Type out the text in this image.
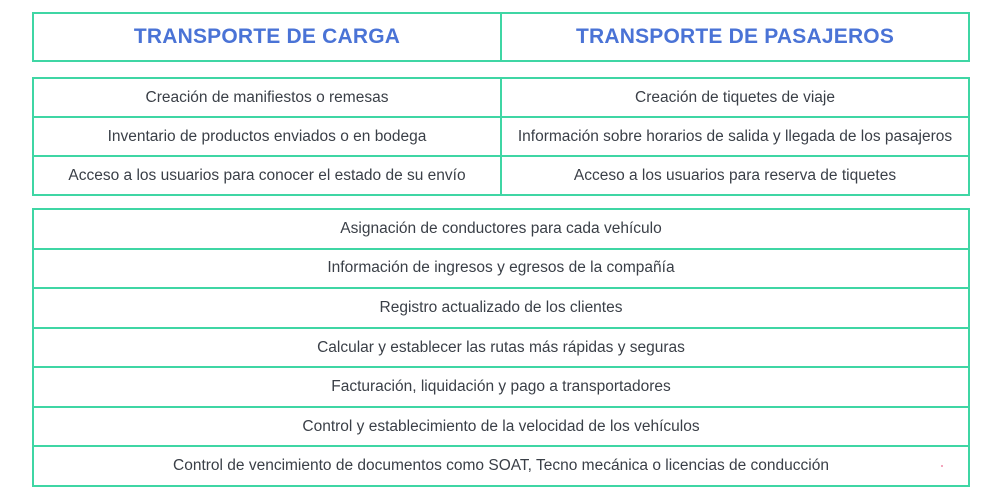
TRANSPORTE DE CARGA	TRANSPORTE DE PASAJEROS
Creación de manifiestos o remesas
Inventario de productos enviados o en bodega
Acceso a los usuarios para conocer el estado de su envío
Creación de tiquetes de viaje
Información sobre horarios de salida y llegada de los pasajeros
Acceso a los usuarios para reserva de tiquetes
Asignación de conductores para cada vehículo
Información de ingresos y egresos de la compañía
Registro actualizado de los clientes
Calcular y establecer las rutas más rápidas y seguras
Facturación, liquidación y pago a transportadores
Control y establecimiento de la velocidad de los vehículos
Control de vencimiento de documentos como SOAT, Tecno mecánica o licencias de conducción
